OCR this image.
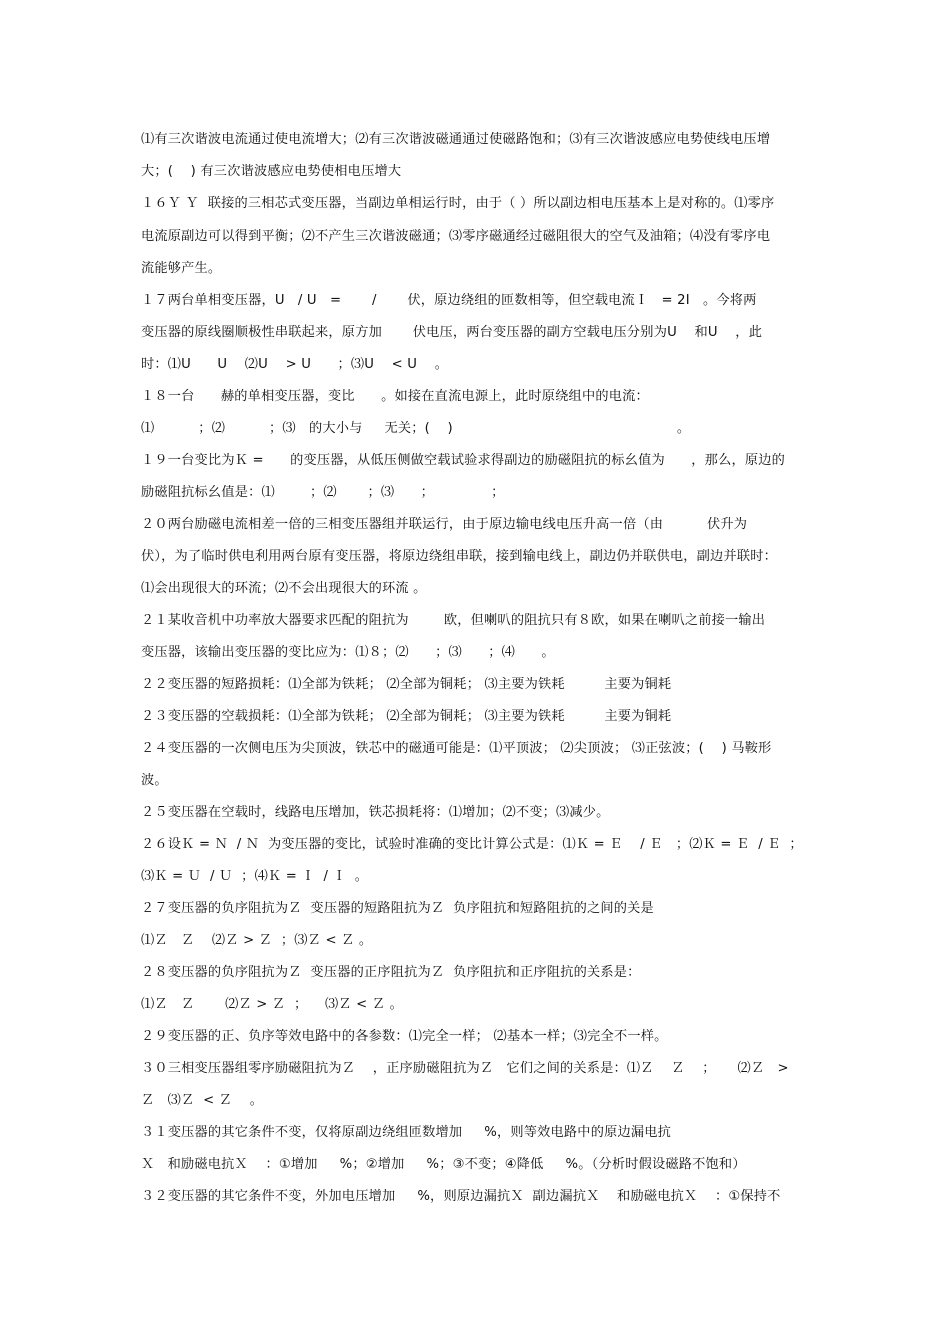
⑴有三次谐波电流通过使电流增大；⑵有三次谐波磁通通过使磁路饱和；⑶有三次谐波感应电势使线电压增
大；(    ) 有三次谐波感应电势使相电压增大
１６Ｙ Ｙ  联接的三相芯式变压器，当副边单相运行时，由于（ ）所以副边相电压基本上是对称的。⑴零序
电流原副边可以得到平衡；⑵不产生三次谐波磁通；⑶零序磁通经过磁阻很大的空气及油箱；⑷没有零序电
流能够产生。
１７两台单相变压器，U   / U   =       /       伏，原边绕组的匝数相等，但空载电流Ｉ   = 2I   。今将两
变压器的原线圈顺极性串联起来，原方加       伏电压，两台变压器的副方空载电压分别为U    和U    ，此
时：⑴U      U    ⑵U    > U      ；⑶U    < U    。
１８一台      赫的单相变压器，变比      。如接在直流电源上，此时原绕组中的电流：
⑴          ；⑵          ；⑶   的大小与     无关；(    )                                                   。
１９一台变比为Ｋ =      的变压器，从低压侧做空载试验求得副边的励磁阻抗的标幺值为      ，那么，原边的
励磁阻抗标幺值是：⑴        ；⑵       ；⑶      ；             ；
２０两台励磁电流相差一倍的三相变压器组并联运行，由于原边输电线电压升高一倍（由          伏升为
伏），为了临时供电利用两台原有变压器，将原边绕组串联，接到输电线上，副边仍并联供电，副边并联时：
⑴会出现很大的环流；⑵不会出现很大的环流 。
２１某收音机中功率放大器要求匹配的阻抗为        欧，但喇叭的阻抗只有８欧，如果在喇叭之前接一输出
变压器，该输出变压器的变比应为：⑴８；⑵      ；⑶      ；⑷      。
２２变压器的短路损耗：⑴全部为铁耗； ⑵全部为铜耗； ⑶主要为铁耗         主要为铜耗
２３变压器的空载损耗：⑴全部为铁耗； ⑵全部为铜耗； ⑶主要为铁耗         主要为铜耗
２４变压器的一次侧电压为尖顶波，铁芯中的磁通可能是：⑴平顶波； ⑵尖顶波； ⑶正弦波；(    ) 马鞍形
波。
２５变压器在空载时，线路电压增加，铁芯损耗将：⑴增加；⑵不变；⑶减少。
２６设Ｋ = Ｎ  / Ｎ  为变压器的变比，试验时准确的变比计算公式是：⑴Ｋ = Ｅ    / Ｅ   ；⑵Ｋ = Ｅ  / Ｅ  ；
⑶Ｋ = Ｕ  / Ｕ  ；⑷Ｋ = Ｉ  / Ｉ  。
２７变压器的负序阻抗为Ｚ  变压器的短路阻抗为Ｚ  负序阻抗和短路阻抗的之间的关是
⑴Ｚ   Ｚ    ⑵Ｚ > Ｚ  ；⑶Ｚ < Ｚ 。
２８变压器的负序阻抗为Ｚ  变压器的正序阻抗为Ｚ  负序阻抗和正序阻抗的关系是：
⑴Ｚ   Ｚ       ⑵Ｚ > Ｚ  ；    ⑶Ｚ < Ｚ 。
２９变压器的正、负序等效电路中的各参数：⑴完全一样； ⑵基本一样；⑶完全不一样。
３０三相变压器组零序励磁阻抗为Ｚ    ，正序励磁阻抗为Ｚ   它们之间的关系是：⑴Ｚ    Ｚ    ；     ⑵Ｚ   >
Ｚ   ⑶Ｚ  < Ｚ    。
３１变压器的其它条件不变，仅将原副边绕组匝数增加     %，则等效电路中的原边漏电抗
Ｘ   和励磁电抗Ｘ    ：①增加     %；②增加     %；③不变；④降低     %。（分析时假设磁路不饱和）
３２变压器的其它条件不变，外加电压增加     %，则原边漏抗Ｘ  副边漏抗Ｘ    和励磁电抗Ｘ    ：①保持不
